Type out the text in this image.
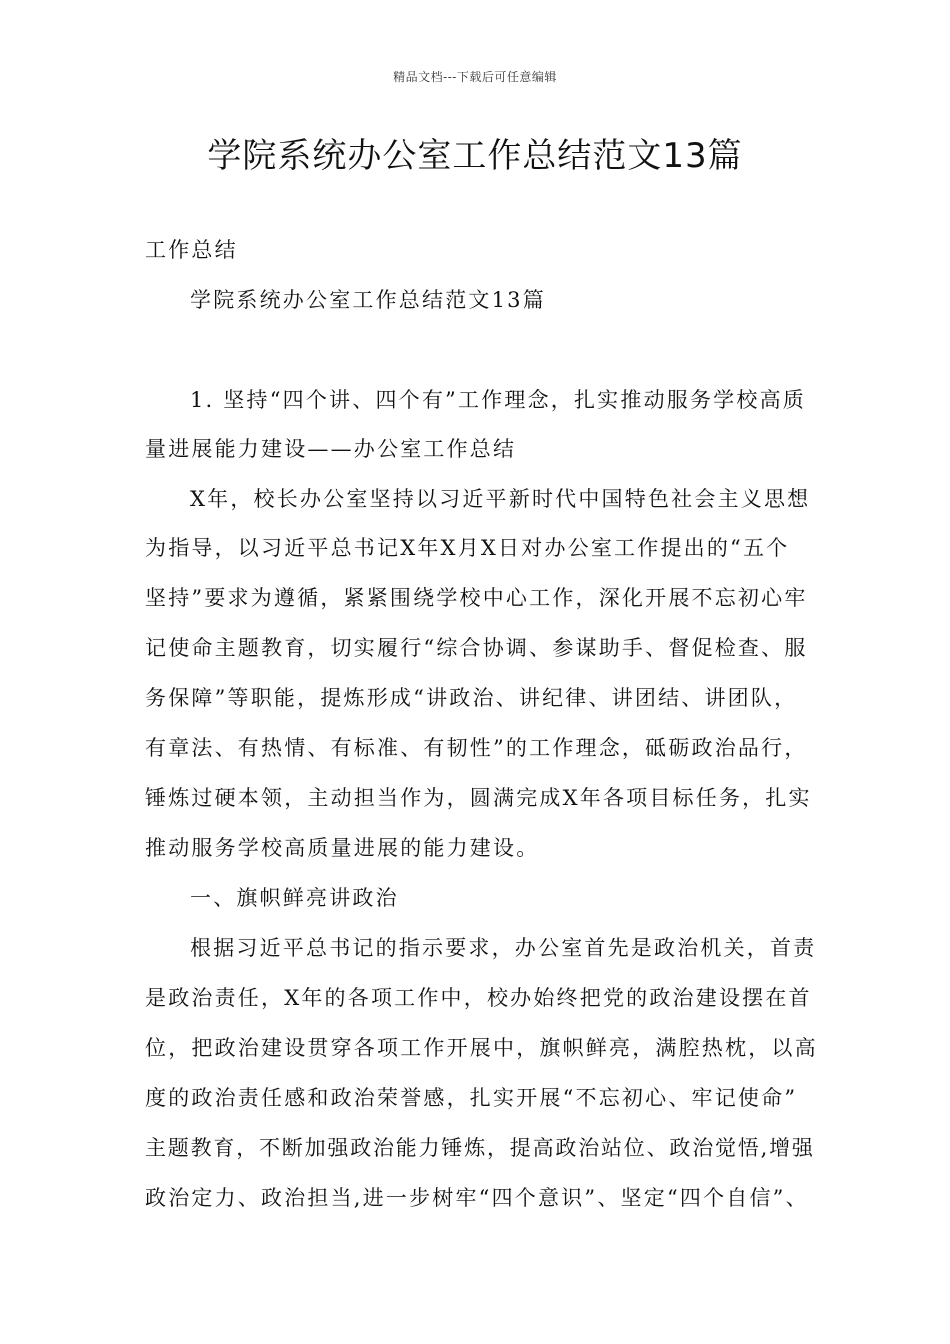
精品文档---下载后可任意编辑
学院系统办公室工作总结范文13篇
工作总结
学院系统办公室工作总结范文13篇
1. 坚持“四个讲、四个有”工作理念，扎实推动服务学校高质
量进展能力建设——办公室工作总结
X年，校长办公室坚持以习近平新时代中国特色社会主义思想
为指导，以习近平总书记X年X月X日对办公室工作提出的“五个
坚持”要求为遵循，紧紧围绕学校中心工作，深化开展不忘初心牢
记使命主题教育，切实履行“综合协调、参谋助手、督促检查、服
务保障”等职能，提炼形成“讲政治、讲纪律、讲团结、讲团队，
有章法、有热情、有标准、有韧性”的工作理念，砥砺政治品行，
锤炼过硬本领，主动担当作为，圆满完成X年各项目标任务，扎实
推动服务学校高质量进展的能力建设。
一、旗帜鲜亮讲政治
根据习近平总书记的指示要求，办公室首先是政治机关，首责
是政治责任，X年的各项工作中，校办始终把党的政治建设摆在首
位，把政治建设贯穿各项工作开展中，旗帜鲜亮，满腔热枕，以高
度的政治责任感和政治荣誉感，扎实开展“不忘初心、牢记使命”
主题教育，不断加强政治能力锤炼，提高政治站位、政治觉悟,增强
政治定力、政治担当,进一步树牢“四个意识”、坚定“四个自信”、
